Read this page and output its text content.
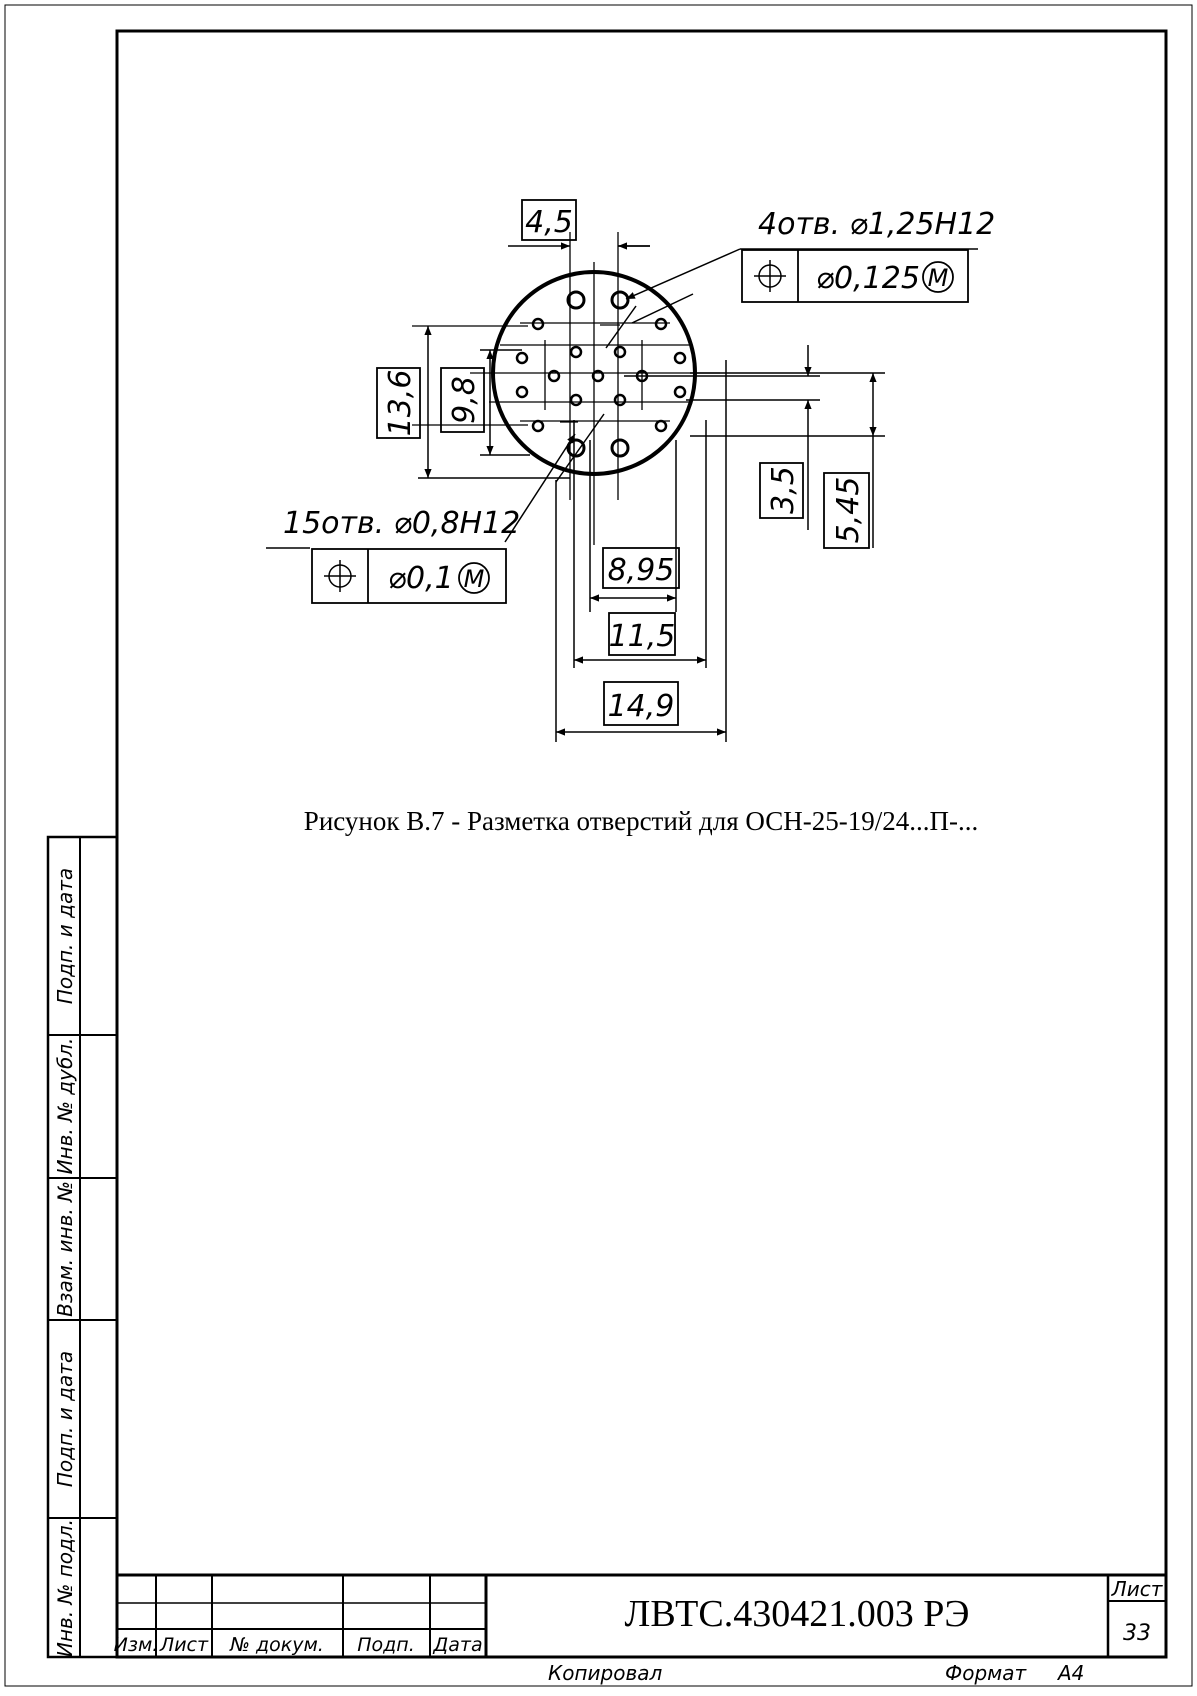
Подп. и дата
Инв. № дубл.
Взам. инв. №
Подп. и дата
Инв. № подл. Изм. Лист № докум. Подп. Дата
Лист
33
Копировал	Формат А4
4,5	4отв. ⌀1,25H12
⌀0,125 M
13,6 9,8
3,5 5,45
15отв. ⌀0,8H12
⌀0,1 M	8,95
11,5
14,9
Рисунок В.7 - Разметка отверстий для ОСН-25-19/24...П-...
ЛВТС.430421.003 РЭ
